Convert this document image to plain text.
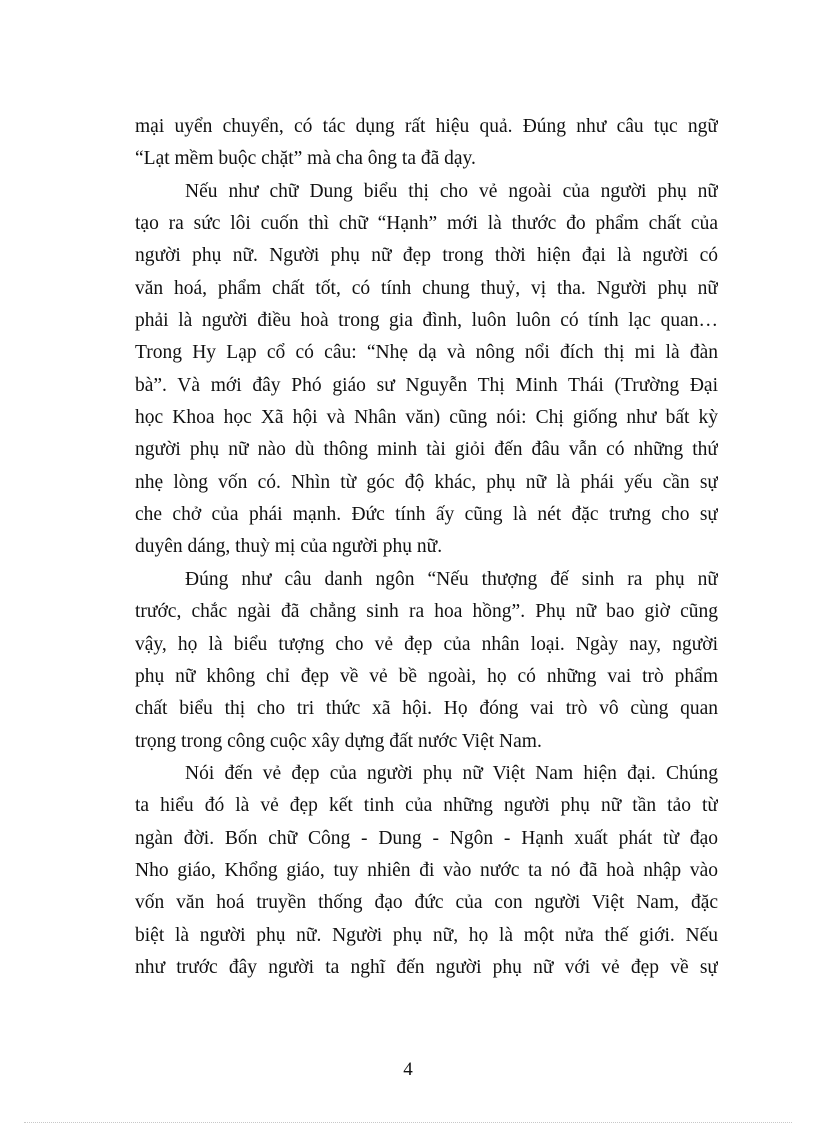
mại uyển chuyển, có tác dụng rất hiệu quả. Đúng như câu tục ngữ
“Lạt mềm buộc chặt” mà cha ông ta đã dạy.
Nếu như chữ Dung biểu thị cho vẻ ngoài của người phụ nữ
tạo ra sức lôi cuốn thì chữ “Hạnh” mới là thước đo phẩm chất của
người phụ nữ. Người phụ nữ đẹp trong thời hiện đại là người có
văn hoá, phẩm chất tốt, có tính chung thuỷ, vị tha. Người phụ nữ
phải là người điều hoà trong gia đình, luôn luôn có tính lạc quan…
Trong Hy Lạp cổ có câu: “Nhẹ dạ và nông nổi đích thị mi là đàn
bà”. Và mới đây Phó giáo sư Nguyễn Thị Minh Thái (Trường Đại
học Khoa học Xã hội và Nhân văn) cũng nói: Chị giống như bất kỳ
người phụ nữ nào dù thông minh tài giỏi đến đâu vẫn có những thứ
nhẹ lòng vốn có. Nhìn từ góc độ khác, phụ nữ là phái yếu cần sự
che chở của phái mạnh. Đức tính ấy cũng là nét đặc trưng cho sự
duyên dáng, thuỳ mị của người phụ nữ.
Đúng như câu danh ngôn “Nếu thượng đế sinh ra phụ nữ
trước, chắc ngài đã chẳng sinh ra hoa hồng”. Phụ nữ bao giờ cũng
vậy, họ là biểu tượng cho vẻ đẹp của nhân loại. Ngày nay, người
phụ nữ không chỉ đẹp về vẻ bề ngoài, họ có những vai trò phẩm
chất biểu thị cho tri thức xã hội. Họ đóng vai trò vô cùng quan
trọng trong công cuộc xây dựng đất nước Việt Nam.
Nói đến vẻ đẹp của người phụ nữ Việt Nam hiện đại. Chúng
ta hiểu đó là vẻ đẹp kết tinh của những người phụ nữ tần tảo từ
ngàn đời. Bốn chữ Công - Dung - Ngôn - Hạnh xuất phát từ đạo
Nho giáo, Khổng giáo, tuy nhiên đi vào nước ta nó đã hoà nhập vào
vốn văn hoá truyền thống đạo đức của con người Việt Nam, đặc
biệt là người phụ nữ. Người phụ nữ, họ là một nửa thế giới. Nếu
như trước đây người ta nghĩ đến người phụ nữ với vẻ đẹp về sự
4
